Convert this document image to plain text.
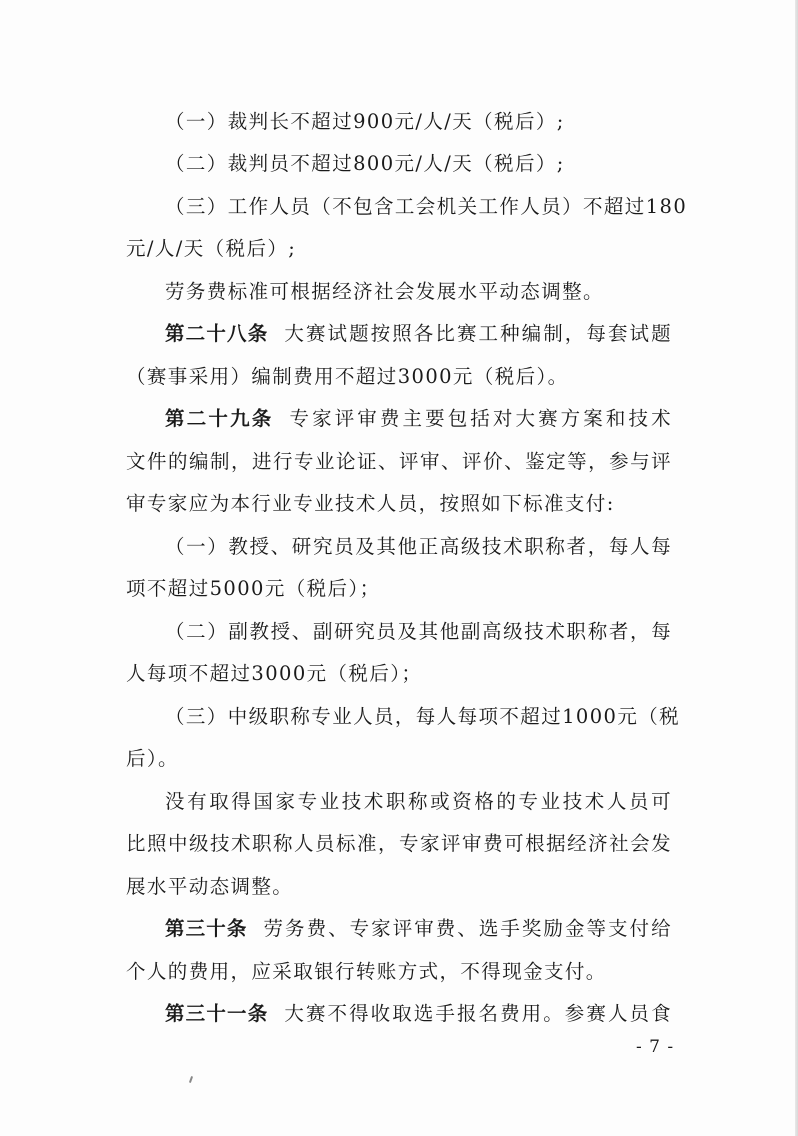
（一）裁判长不超过900元/人/天（税后）;
（二）裁判员不超过800元/人/天（税后）;
（三）工作人员（不包含工会机关工作人员）不超过180
元/人/天（税后）;
劳务费标准可根据经济社会发展水平动态调整。
第二十八条 大赛试题按照各比赛工种编制，每套试题
（赛事采用）编制费用不超过3000元（税后）。
第二十九条 专家评审费主要包括对大赛方案和技术
文件的编制，进行专业论证、评审、评价、鉴定等，参与评
审专家应为本行业专业技术人员，按照如下标准支付:
（一）教授、研究员及其他正高级技术职称者，每人每
项不超过5000元（税后）；
（二）副教授、副研究员及其他副高级技术职称者，每
人每项不超过3000元（税后）；
（三）中级职称专业人员，每人每项不超过1000元（税
后）。
没有取得国家专业技术职称或资格的专业技术人员可
比照中级技术职称人员标准，专家评审费可根据经济社会发
展水平动态调整。
第三十条 劳务费、专家评审费、选手奖励金等支付给
个人的费用，应采取银行转账方式，不得现金支付。
第三十一条 大赛不得收取选手报名费用。参赛人员食
- 7 -
